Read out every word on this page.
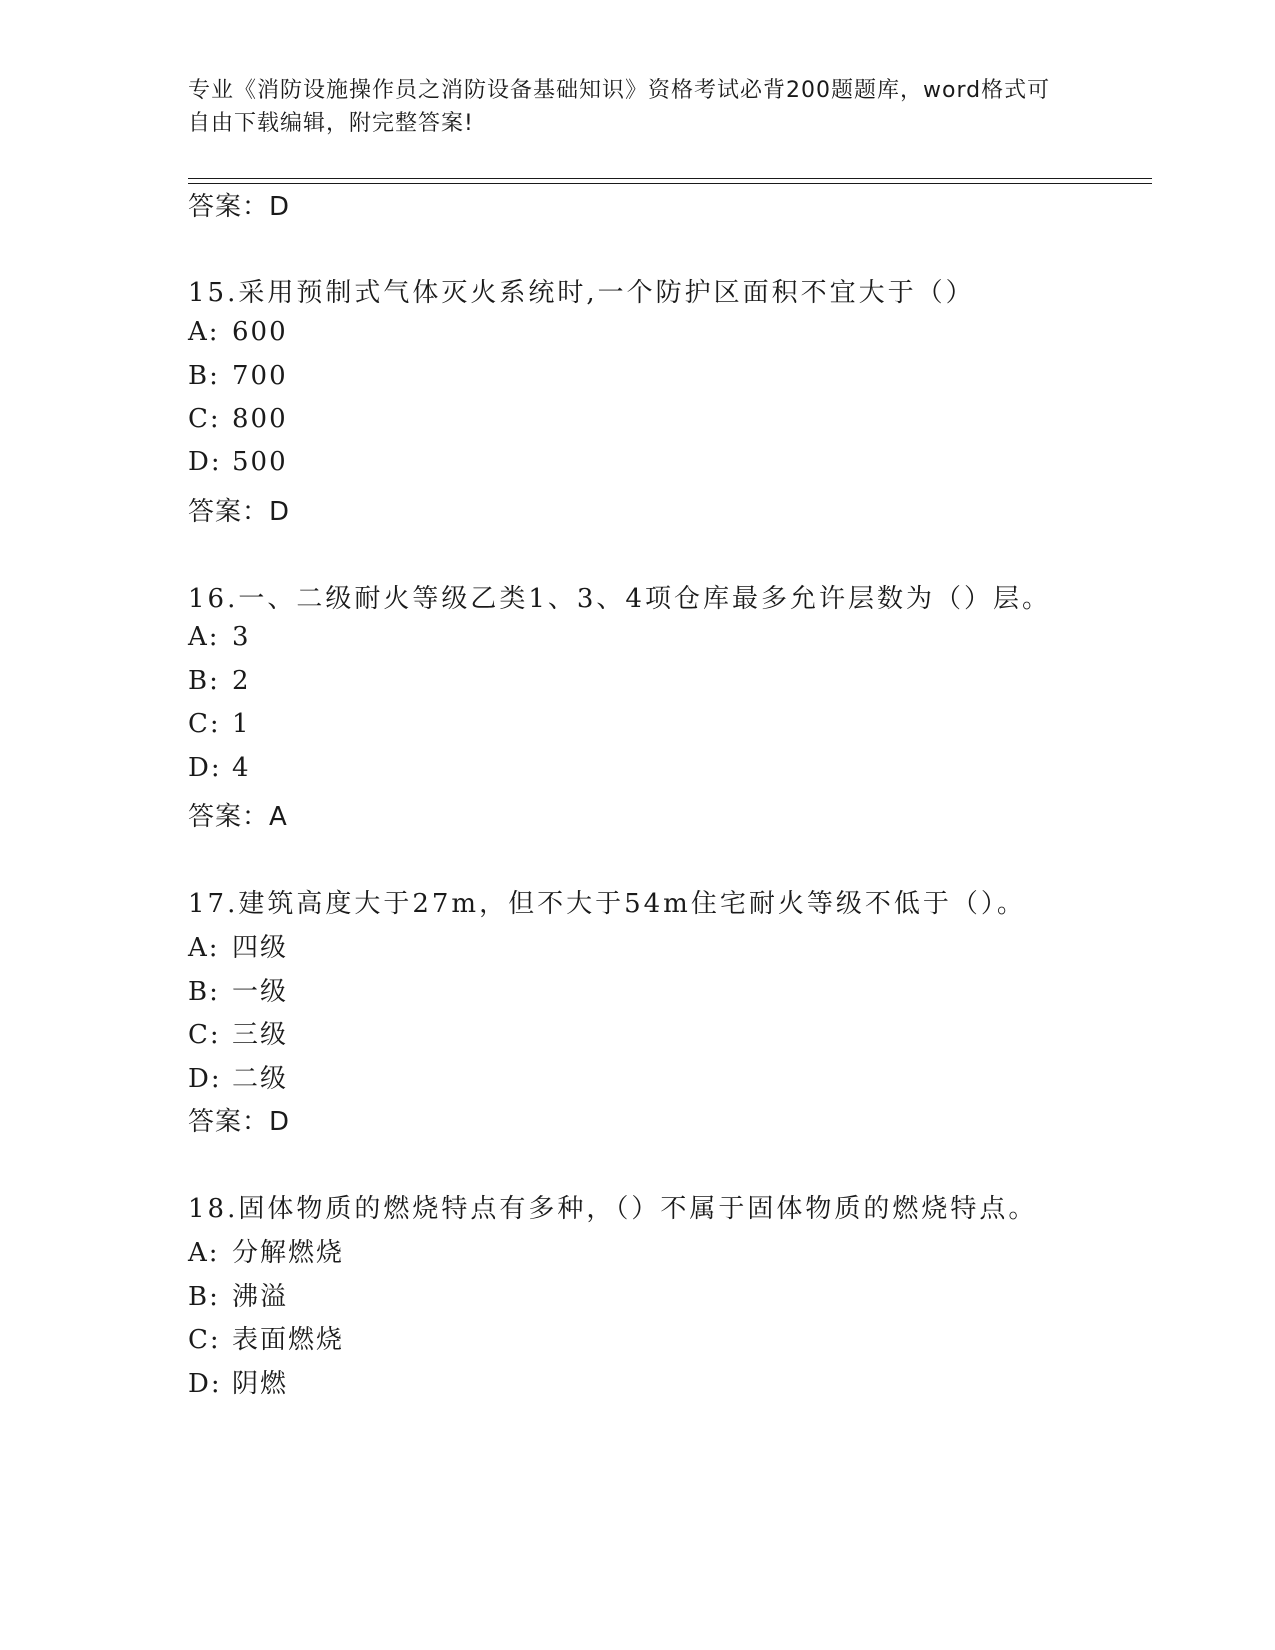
专业《消防设施操作员之消防设备基础知识》资格考试必背200题题库，word格式可自由下载编辑，附完整答案!
答案：D
15.采用预制式气体灭火系统时,一个防护区面积不宜大于（）
A: 600
B: 700
C: 800
D: 500
答案：D
16.一、二级耐火等级乙类1、3、4项仓库最多允许层数为（）层。
A: 3
B: 2
C: 1
D: 4
答案：A
17.建筑高度大于27m，但不大于54m住宅耐火等级不低于（）。
A: 四级
B: 一级
C: 三级
D: 二级
答案：D
18.固体物质的燃烧特点有多种，（）不属于固体物质的燃烧特点。
A: 分解燃烧
B: 沸溢
C: 表面燃烧
D: 阴燃
